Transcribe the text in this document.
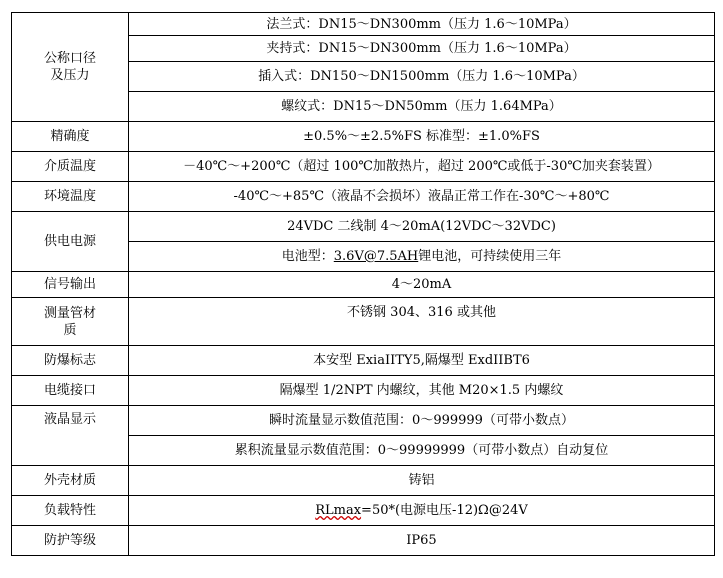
公称口径及压力	法兰式：DN15～DN300mm（压力 1.6～10MPa）
	夹持式：DN15～DN300mm（压力 1.6～10MPa）
	插入式：DN150～DN1500mm（压力 1.6～10MPa）
	螺纹式：DN15～DN50mm（压力 1.64MPa）
精确度	±0.5%～±2.5%FS 标准型：±1.0%FS
介质温度	－40℃～+200℃（超过 100℃加散热片，超过 200℃或低于-30℃加夹套装置）
环境温度	-40℃～+85℃（液晶不会损坏）液晶正常工作在-30℃～+80℃
供电电源	24VDC 二线制 4～20mA(12VDC～32VDC)
	电池型：3.6V@7.5AH锂电池，可持续使用三年
信号输出	4～20mA
测量管材质	不锈钢 304、316 或其他
防爆标志	本安型 ExiaIITY5,隔爆型 ExdIIBT6
电缆接口	隔爆型 1/2NPT 内螺纹，其他 M20×1.5 内螺纹
液晶显示	瞬时流量显示数值范围：0～999999（可带小数点）
	累积流量显示数值范围：0～99999999（可带小数点）自动复位
外壳材质	铸铝
负载特性	RLmax=50*(电源电压-12)Ω@24V
防护等级	IP65
